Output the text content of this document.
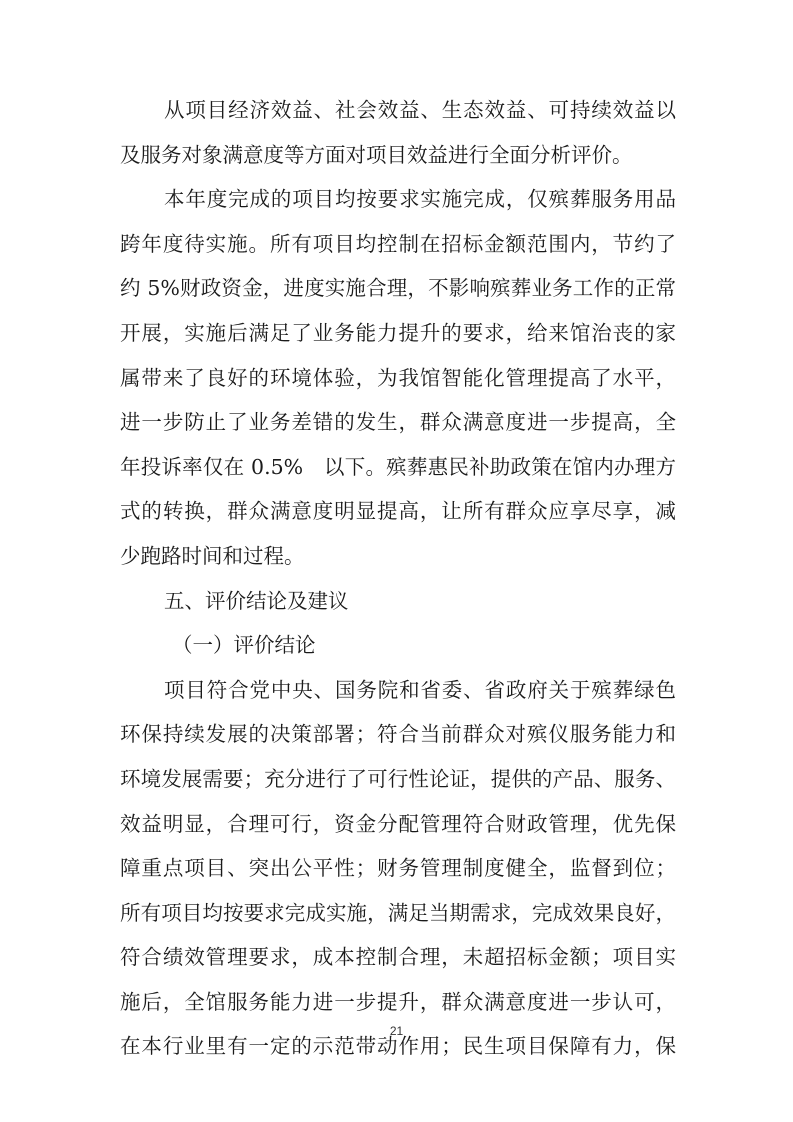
从项目经济效益、社会效益、生态效益、可持续效益以
及服务对象满意度等方面对项目效益进行全面分析评价。
本年度完成的项目均按要求实施完成，仅殡葬服务用品
跨年度待实施。所有项目均控制在招标金额范围内，节约了
约 5%财政资金，进度实施合理，不影响殡葬业务工作的正常
开展，实施后满足了业务能力提升的要求，给来馆治丧的家
属带来了良好的环境体验，为我馆智能化管理提高了水平，
进一步防止了业务差错的发生，群众满意度进一步提高，全
年投诉率仅在 0.5%　以下。殡葬惠民补助政策在馆内办理方
式的转换，群众满意度明显提高，让所有群众应享尽享，减
少跑路时间和过程。
五、评价结论及建议
（一）评价结论
项目符合党中央、国务院和省委、省政府关于殡葬绿色
环保持续发展的决策部署；符合当前群众对殡仪服务能力和
环境发展需要；充分进行了可行性论证，提供的产品、服务、
效益明显，合理可行，资金分配管理符合财政管理，优先保
障重点项目、突出公平性；财务管理制度健全，监督到位；
所有项目均按要求完成实施，满足当期需求，完成效果良好，
符合绩效管理要求，成本控制合理，未超招标金额；项目实
施后，全馆服务能力进一步提升，群众满意度进一步认可，
在本行业里有一定的示范带动作用；民生项目保障有力，保
21
